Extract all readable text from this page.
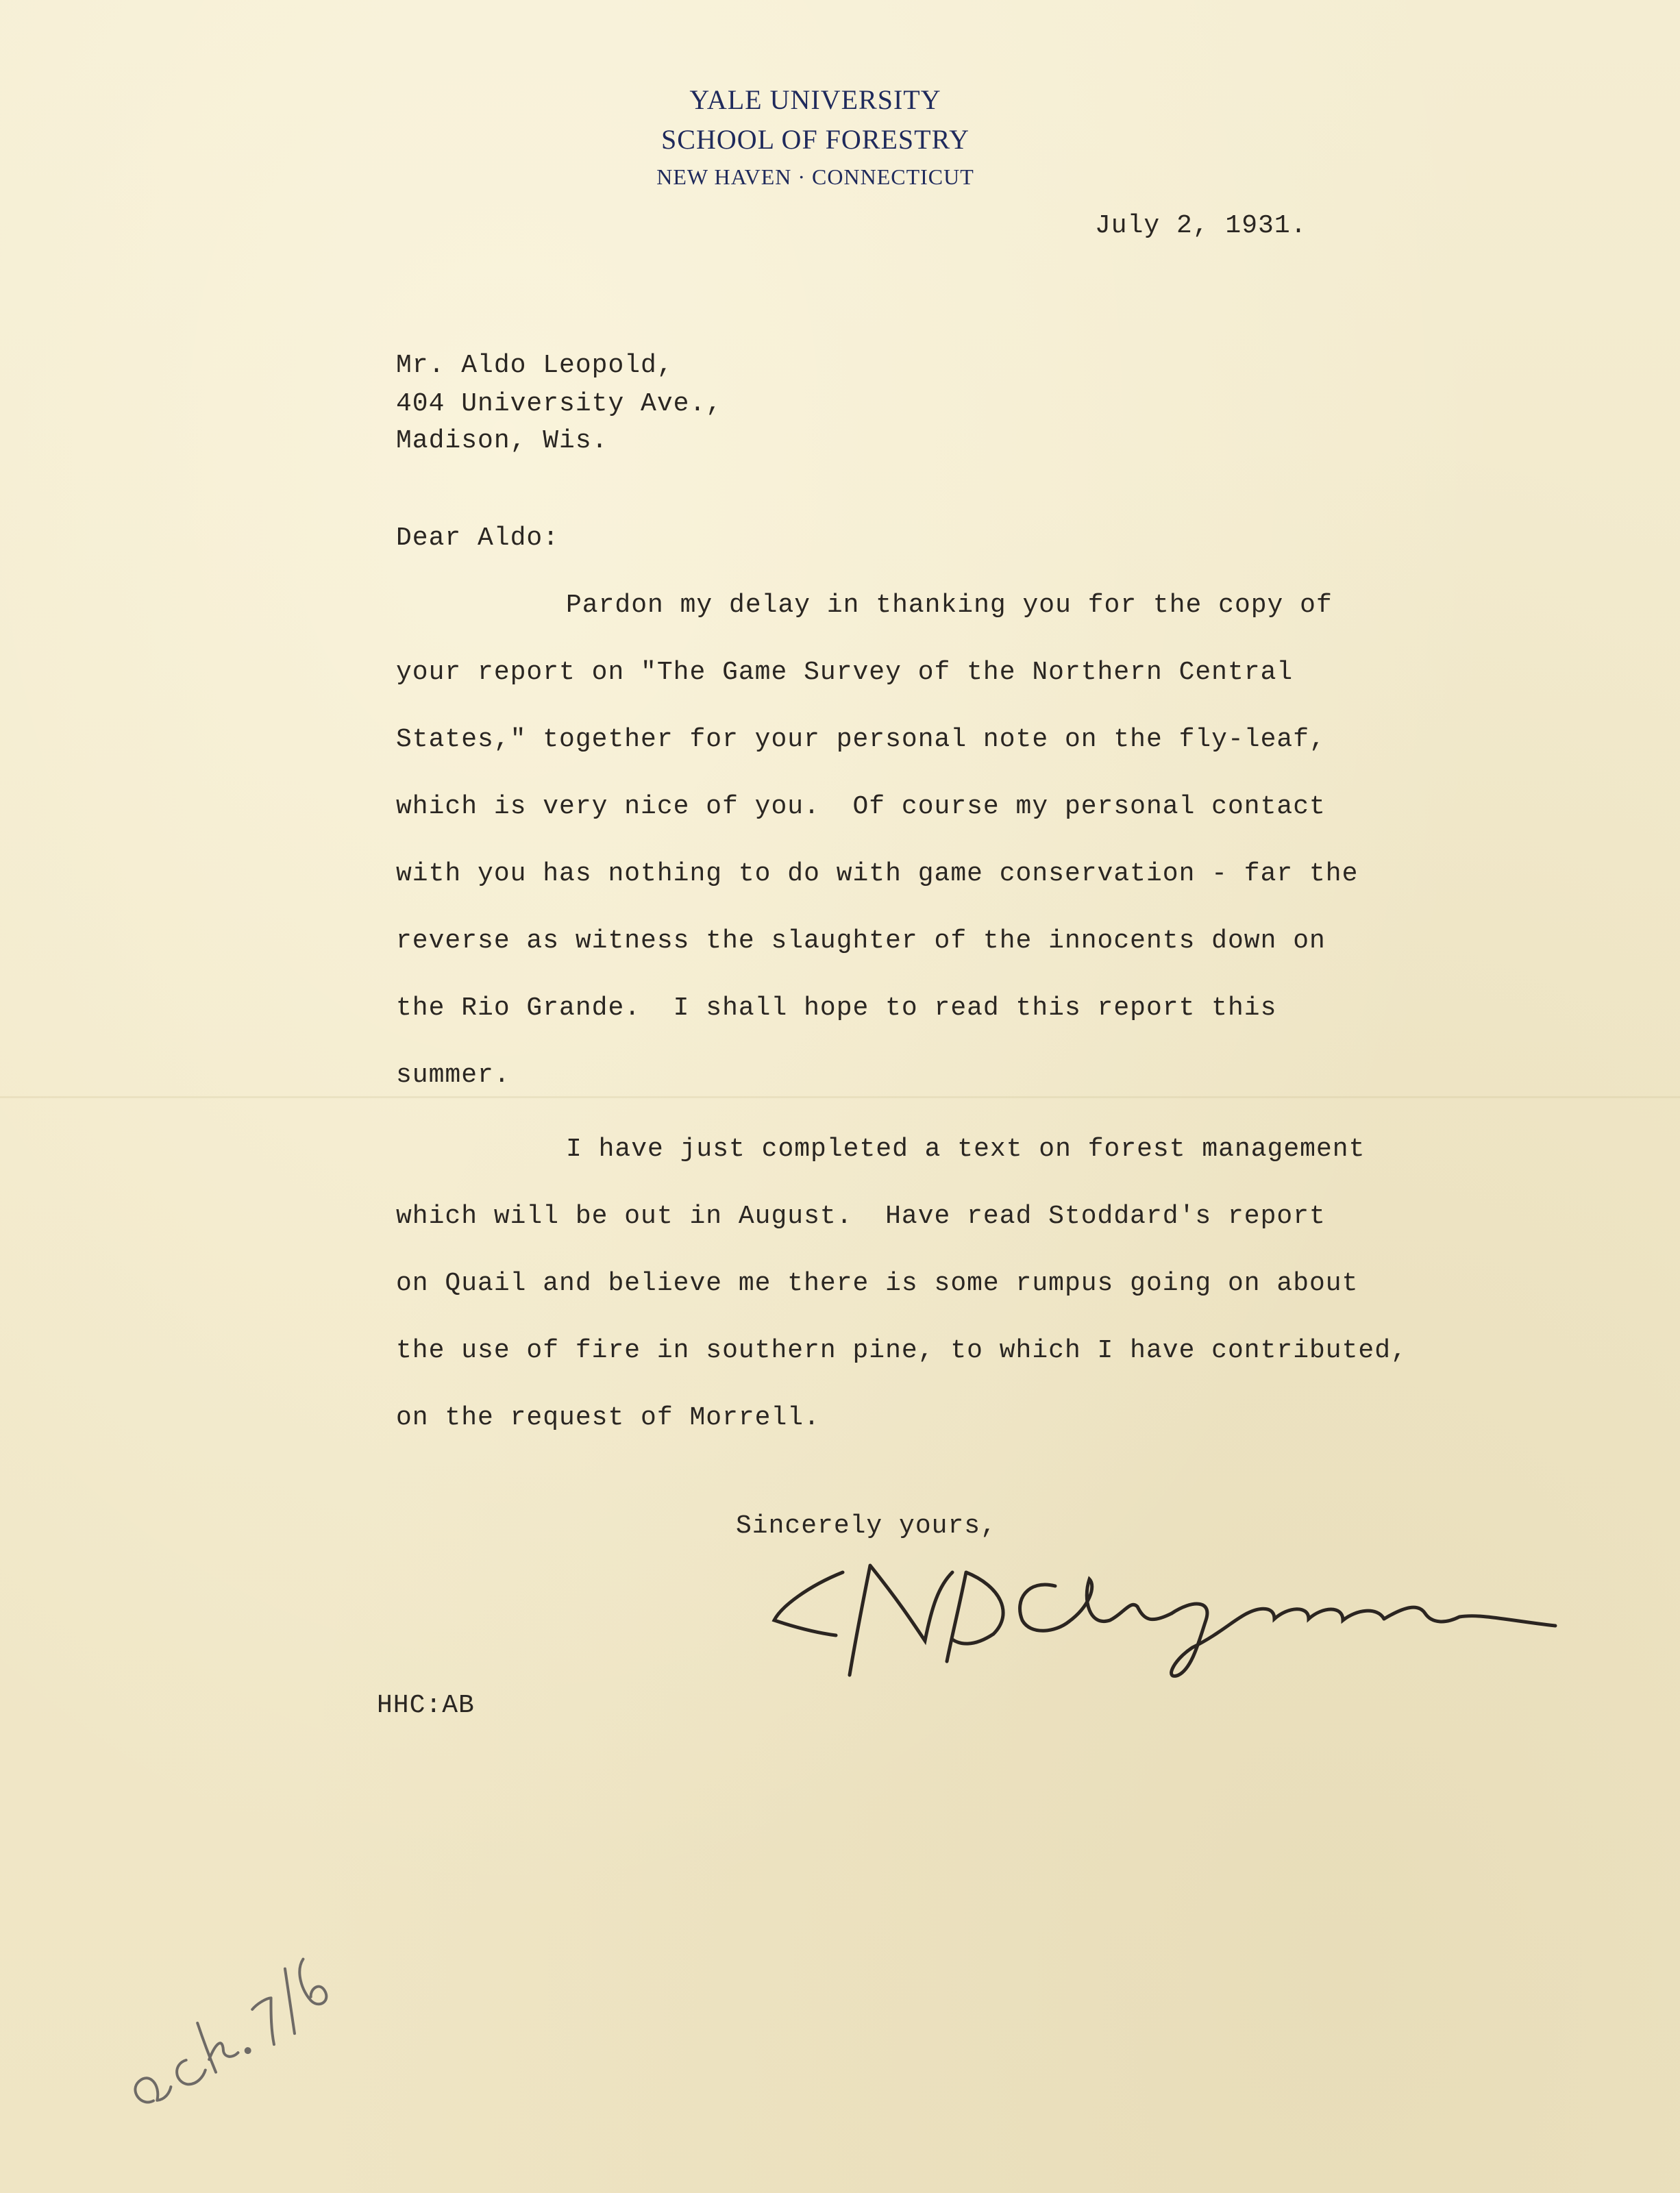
YALE UNIVERSITY
SCHOOL OF FORESTRY
NEW HAVEN · CONNECTICUT
July 2, 1931.
Mr. Aldo Leopold,
404 University Ave.,
Madison, Wis.
Dear Aldo:
Pardon my delay in thanking you for the copy of
your report on "The Game Survey of the Northern Central
States," together for your personal note on the fly-leaf,
which is very nice of you.  Of course my personal contact
with you has nothing to do with game conservation - far the
reverse as witness the slaughter of the innocents down on
the Rio Grande.  I shall hope to read this report this
summer.
I have just completed a text on forest management
which will be out in August.  Have read Stoddard's report
on Quail and believe me there is some rumpus going on about
the use of fire in southern pine, to which I have contributed,
on the request of Morrell.
Sincerely yours,
HHC:AB
